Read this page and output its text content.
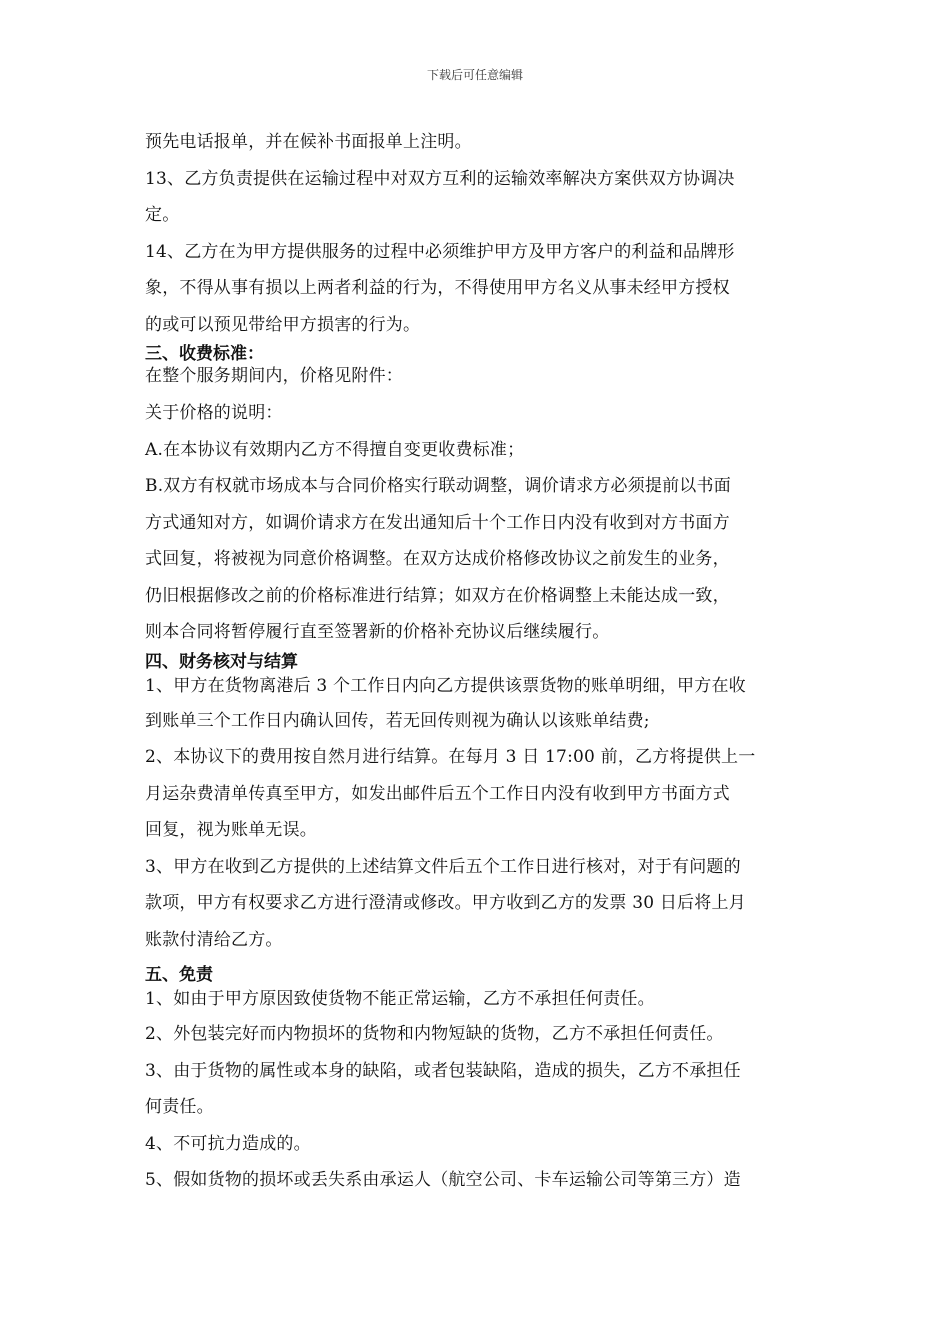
下载后可任意编辑

预先电话报单，并在候补书面报单上注明。

13、乙方负责提供在运输过程中对双方互利的运输效率解决方案供双方协调决

定。

14、乙方在为甲方提供服务的过程中必须维护甲方及甲方客户的利益和品牌形

象，不得从事有损以上两者利益的行为，不得使用甲方名义从事未经甲方授权

的或可以预见带给甲方损害的行为。

三、收费标准：

在整个服务期间内，价格见附件：

关于价格的说明：

A.在本协议有效期内乙方不得擅自变更收费标准；

B.双方有权就市场成本与合同价格实行联动调整，调价请求方必须提前以书面

方式通知对方，如调价请求方在发出通知后十个工作日内没有收到对方书面方

式回复，将被视为同意价格调整。在双方达成价格修改协议之前发生的业务，

仍旧根据修改之前的价格标准进行结算；如双方在价格调整上未能达成一致，

则本合同将暂停履行直至签署新的价格补充协议后继续履行。

四、财务核对与结算

1、甲方在货物离港后 3 个工作日内向乙方提供该票货物的账单明细，甲方在收

到账单三个工作日内确认回传，若无回传则视为确认以该账单结费;

2、本协议下的费用按自然月进行结算。在每月 3 日 17:00 前，乙方将提供上一

月运杂费清单传真至甲方，如发出邮件后五个工作日内没有收到甲方书面方式

回复，视为账单无误。

3、甲方在收到乙方提供的上述结算文件后五个工作日进行核对，对于有问题的

款项，甲方有权要求乙方进行澄清或修改。甲方收到乙方的发票 30 日后将上月

账款付清给乙方。

五、免责

1、如由于甲方原因致使货物不能正常运输，乙方不承担任何责任。

2、外包装完好而内物损坏的货物和内物短缺的货物，乙方不承担任何责任。

3、由于货物的属性或本身的缺陷，或者包装缺陷，造成的损失，乙方不承担任

何责任。

4、不可抗力造成的。

5、假如货物的损坏或丢失系由承运人（航空公司、卡车运输公司等第三方）造
